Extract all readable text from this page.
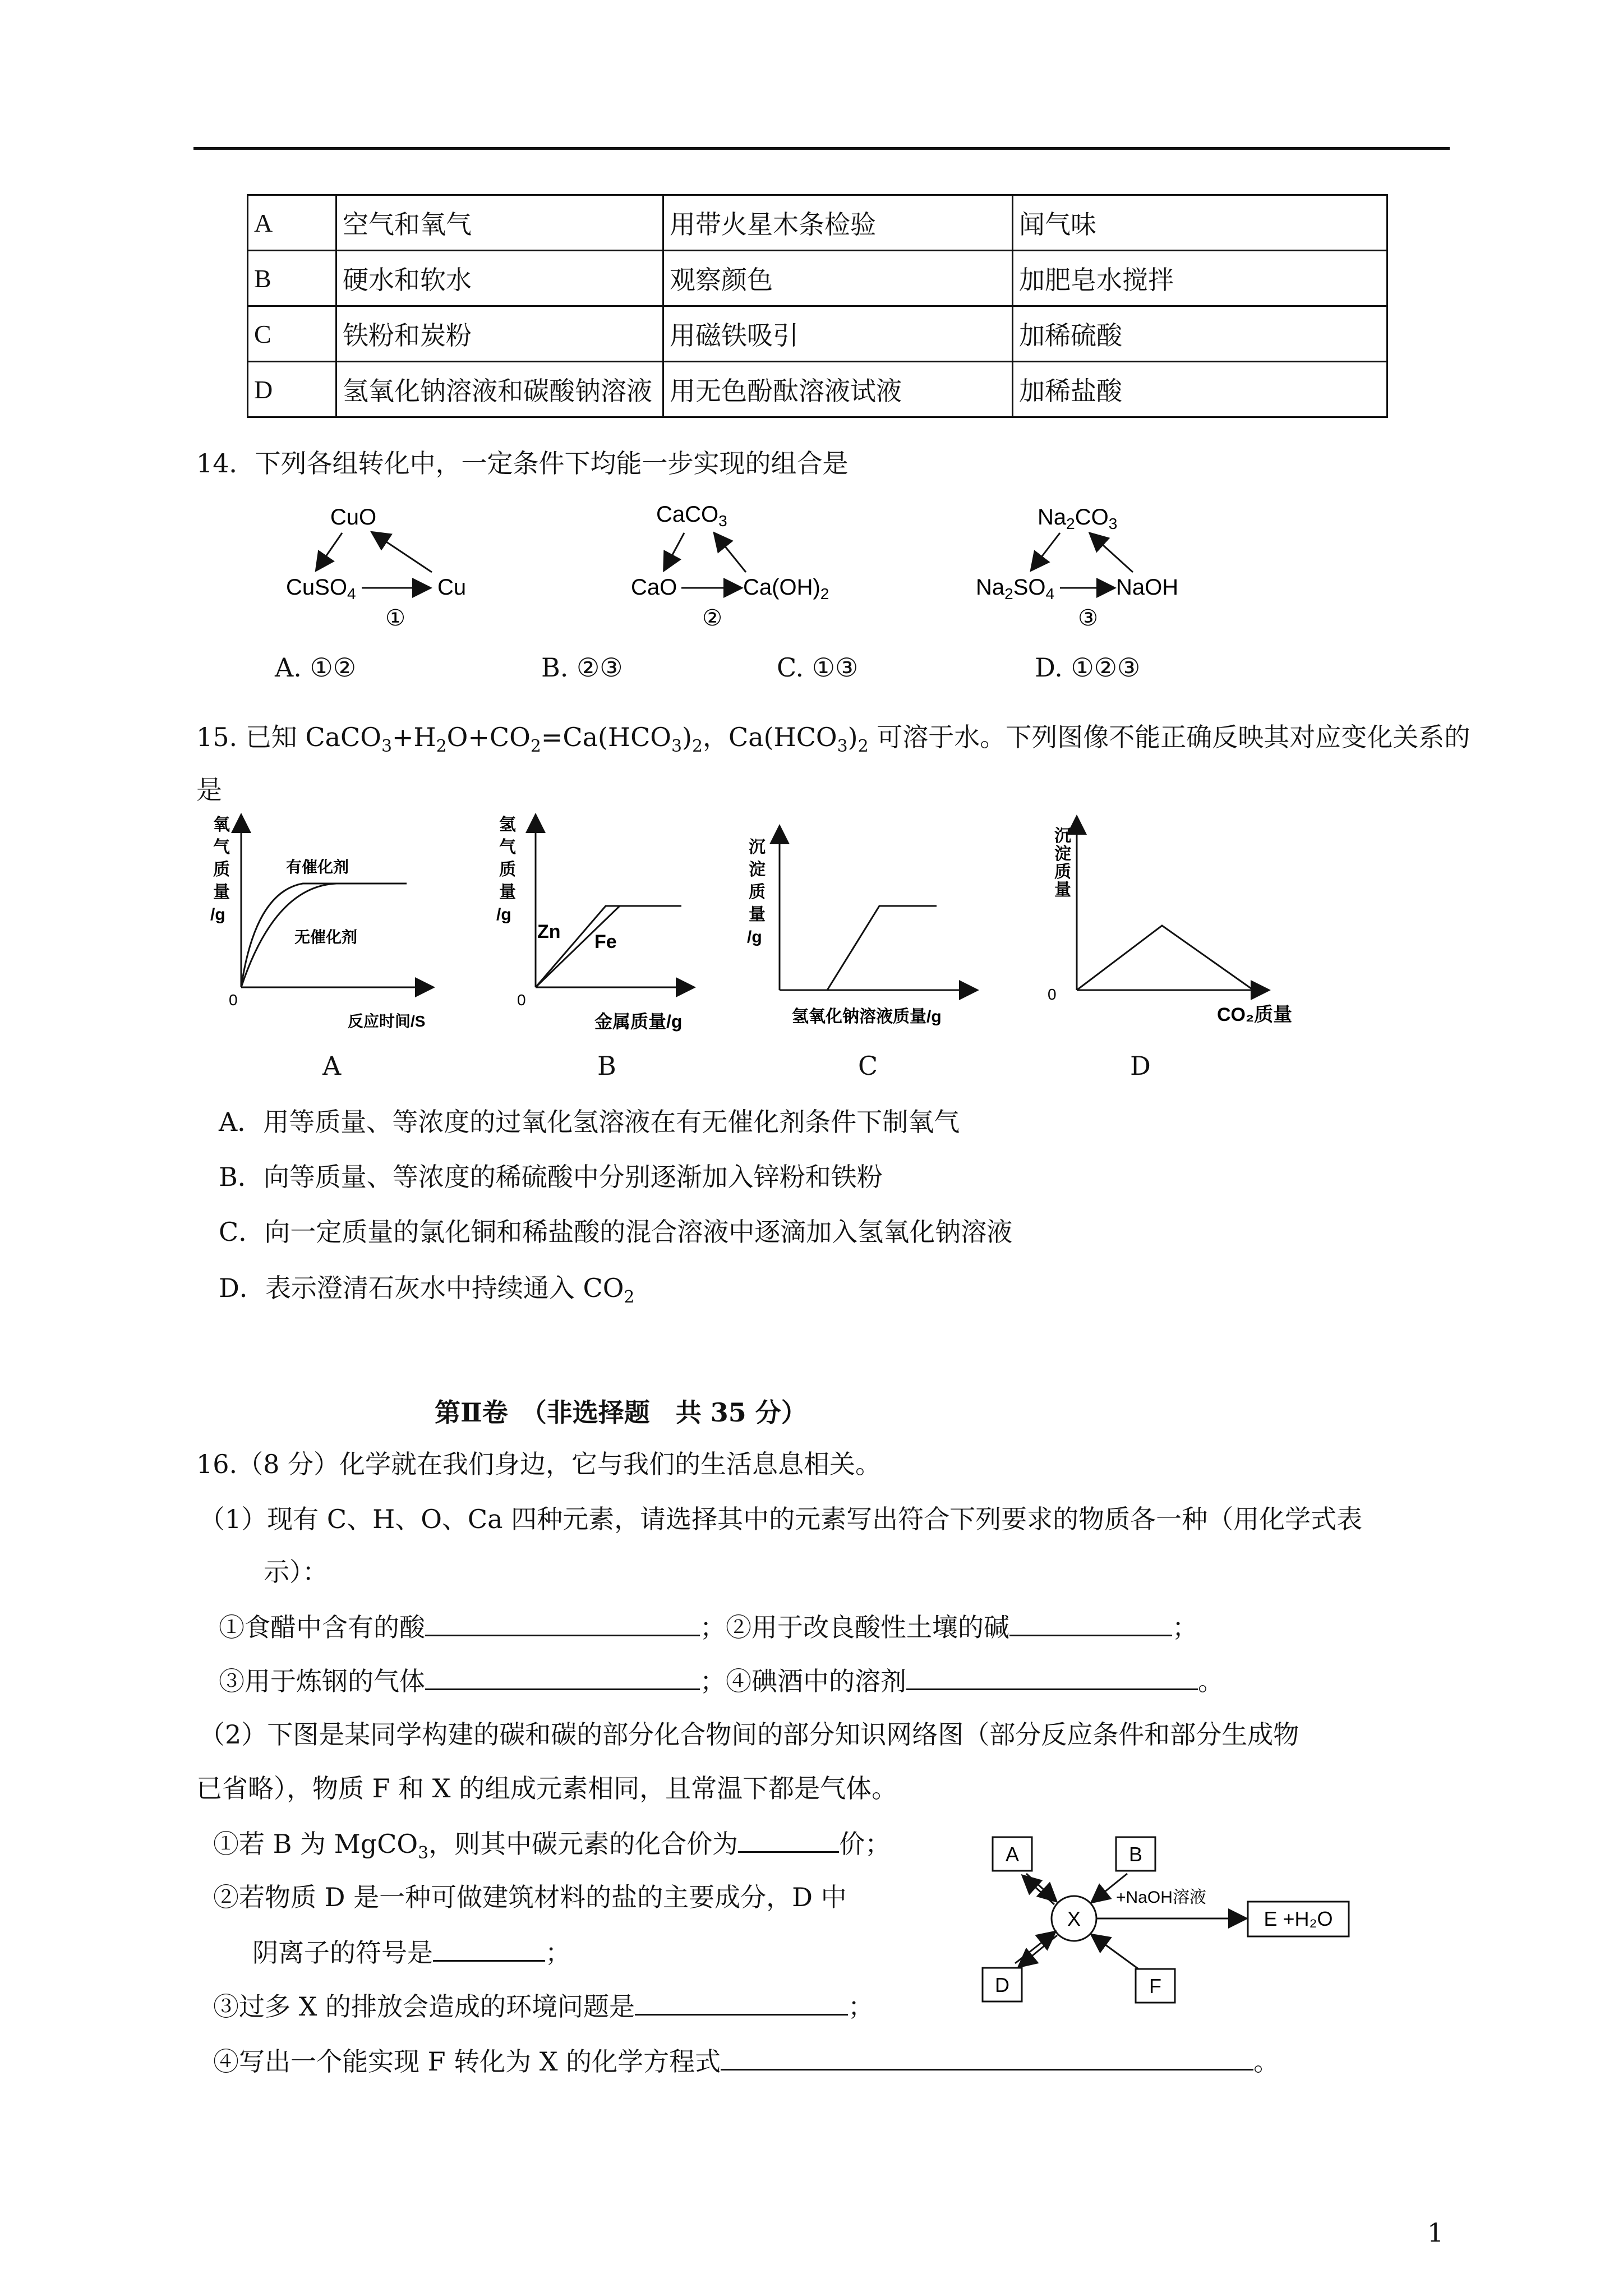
A	空气和氧气	用带火星木条检验	闻气味
B	硬水和软水	观察颜色	加肥皂水搅拌
C	铁粉和炭粉	用磁铁吸引	加稀硫酸
D	氢氧化钠溶液和碳酸钠溶液	用无色酚酞溶液试液	加稀盐酸
14．下列各组转化中，一定条件下均能一步实现的组合是
CuO
CuSO$_4$	Cu
①
CaCO$_3$
CaO	$Ca(OH)_2$
②
$Na_2CO_3$
$Na_2SO_4$	NaOH
③
A. ①②	B. ②③	C. ①③	D. ①②③
15. 已知 $CaCO_3+H_2O+CO_2=Ca(HCO_3)_2$，$Ca(HCO_3)_2$ 可溶于水。下列图像不能正确反映其对应变化关系的
是
氧
气
质
量
/g
有催化剂
无催化剂
0
反应时间/S
氢
气
质
量
/g
Zn Fe
0
金属质量/g
沉
淀
质
量
/g
氢氧化钠溶液质量/g
沉
淀
质
量
0
CO₂质量
A	B	C	D
A．用等质量、等浓度的过氧化氢溶液在有无催化剂条件下制氧气
B．向等质量、等浓度的稀硫酸中分别逐渐加入锌粉和铁粉
C．向一定质量的氯化铜和稀盐酸的混合溶液中逐滴加入氢氧化钠溶液
D．表示澄清石灰水中持续通入 $CO_2$
第Ⅱ卷　（非选择题　共 35 分）
16.（8 分）化学就在我们身边，它与我们的生活息息相关。
（1）现有 C、H、O、Ca 四种元素，请选择其中的元素写出符合下列要求的物质各一种（用化学式表
示）：
①食醋中含有的酸	；②用于改良酸性土壤的碱	；
③用于炼钢的气体	；④碘酒中的溶剂	。
（2）下图是某同学构建的碳和碳的部分化合物间的部分知识网络图（部分反应条件和部分生成物
已省略），物质 F 和 X 的组成元素相同，且常温下都是气体。
①若 B 为 MgCO$_3$，则其中碳元素的化合价为	价；
②若物质 D 是一种可做建筑材料的盐的主要成分，D 中
阴离子的符号是	；
③过多 X 的排放会造成的环境问题是	；
④写出一个能实现 F 转化为 X 的化学方程式	。
A	B
X
D	F
E +H₂O
+NaOH溶液
1
